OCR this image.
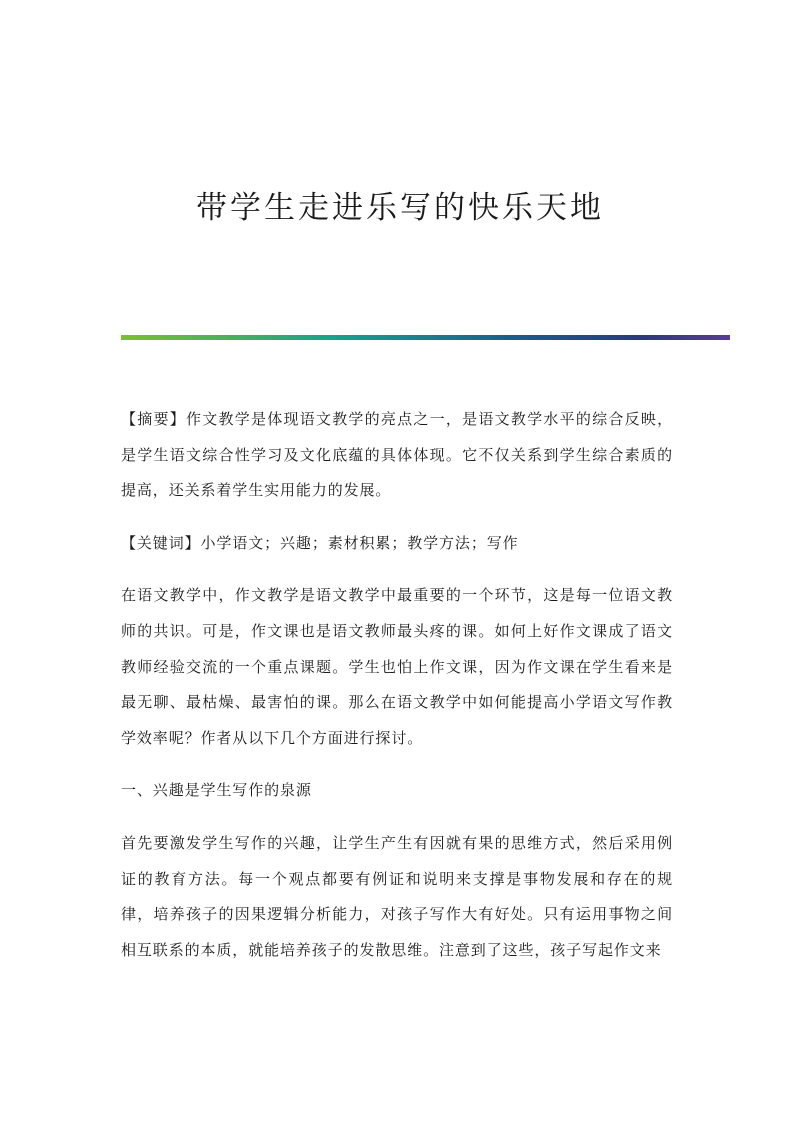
带学生走进乐写的快乐天地

【摘要】作文教学是体现语文教学的亮点之一，是语文教学水平的综合反映，是学生语文综合性学习及文化底蕴的具体体现。它不仅关系到学生综合素质的提高，还关系着学生实用能力的发展。

【关键词】小学语文；兴趣；素材积累；教学方法；写作

在语文教学中，作文教学是语文教学中最重要的一个环节，这是每一位语文教师的共识。可是，作文课也是语文教师最头疼的课。如何上好作文课成了语文教师经验交流的一个重点课题。学生也怕上作文课，因为作文课在学生看来是最无聊、最枯燥、最害怕的课。那么在语文教学中如何能提高小学语文写作教学效率呢？作者从以下几个方面进行探讨。

一、兴趣是学生写作的泉源

首先要激发学生写作的兴趣，让学生产生有因就有果的思维方式，然后采用例证的教育方法。每一个观点都要有例证和说明来支撑是事物发展和存在的规律，培养孩子的因果逻辑分析能力，对孩子写作大有好处。只有运用事物之间相互联系的本质，就能培养孩子的发散思维。注意到了这些，孩子写起作文来
